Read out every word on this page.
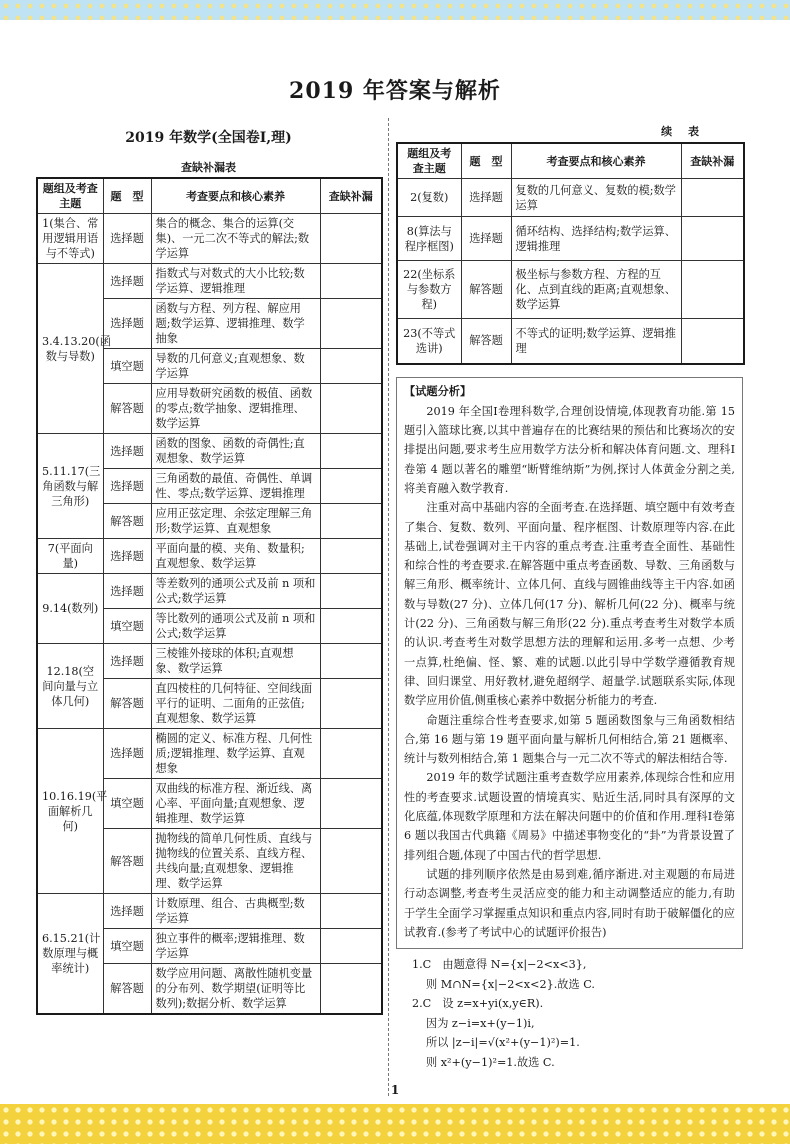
2019 年答案与解析
2019 年数学(全国卷Ⅰ,理)
查缺补漏表
题组及考查主题	题　型	考查要点和核心素养	查缺补漏
1(集合、常用逻辑用语与不等式)	选择题	集合的概念、集合的运算(交集)、一元二次不等式的解法;数学运算	
3.4.13.20(函数与导数)	选择题	指数式与对数式的大小比较;数学运算、逻辑推理	
	选择题	函数与方程、列方程、解应用题;数学运算、逻辑推理、数学抽象	
	填空题	导数的几何意义;直观想象、数学运算	
	解答题	应用导数研究函数的极值、函数的零点;数学抽象、逻辑推理、数学运算	
5.11.17(三角函数与解三角形)	选择题	函数的图象、函数的奇偶性;直观想象、数学运算	
	选择题	三角函数的最值、奇偶性、单调性、零点;数学运算、逻辑推理	
	解答题	应用正弦定理、余弦定理解三角形;数学运算、直观想象	
7(平面向量)	选择题	平面向量的模、夹角、数量积;直观想象、数学运算	
9.14(数列)	选择题	等差数列的通项公式及前 n 项和公式;数学运算	
	填空题	等比数列的通项公式及前 n 项和公式;数学运算	
12.18(空间向量与立体几何)	选择题	三棱锥外接球的体积;直观想象、数学运算	
	解答题	直四棱柱的几何特征、空间线面平行的证明、二面角的正弦值;直观想象、数学运算	
10.16.19(平面解析几何)	选择题	椭圆的定义、标准方程、几何性质;逻辑推理、数学运算、直观想象	
	填空题	双曲线的标准方程、渐近线、离心率、平面向量;直观想象、逻辑推理、数学运算	
	解答题	抛物线的简单几何性质、直线与抛物线的位置关系、直线方程、共线向量;直观想象、逻辑推理、数学运算	
6.15.21(计数原理与概率统计)	选择题	计数原理、组合、古典概型;数学运算	
	填空题	独立事件的概率;逻辑推理、数学运算	
	解答题	数学应用问题、离散性随机变量的分布列、数学期望(证明等比数列);数据分析、数学运算	
续 表
题组及考查主题	题　型	考查要点和核心素养	查缺补漏
2(复数)	选择题	复数的几何意义、复数的模;数学运算	
8(算法与程序框图)	选择题	循环结构、选择结构;数学运算、逻辑推理	
22(坐标系与参数方程)	解答题	极坐标与参数方程、方程的互化、点到直线的距离;直观想象、数学运算	
23(不等式选讲)	解答题	不等式的证明;数学运算、逻辑推理	
【试题分析】

2019 年全国Ⅰ卷理科数学,合理创设情境,体现教育功能.第 15 题引入篮球比赛,以其中普遍存在的比赛结果的预估和比赛场次的安排提出问题,要求考生应用数学方法分析和解决体育问题.文、理科Ⅰ卷第 4 题以著名的雕塑“断臂维纳斯”为例,探讨人体黄金分割之美,将美育融入数学教育.

注重对高中基础内容的全面考查.在选择题、填空题中有效考查了集合、复数、数列、平面向量、程序框图、计数原理等内容.在此基础上,试卷强调对主干内容的重点考查.注重考查全面性、基础性和综合性的考查要求.在解答题中重点考查函数、导数、三角函数与解三角形、概率统计、立体几何、直线与圆锥曲线等主干内容.如函数与导数(27 分)、立体几何(17 分)、解析几何(22 分)、概率与统计(22 分)、三角函数与解三角形(22 分).重点考查考生对数学本质的认识.考查考生对数学思想方法的理解和运用.多考一点想、少考一点算,杜绝偏、怪、繁、难的试题.以此引导中学数学遵循教育规律、回归课堂、用好教材,避免超纲学、超量学.试题联系实际,体现数学应用价值,侧重核心素养中数据分析能力的考查.

命题注重综合性考查要求,如第 5 题函数图象与三角函数相结合,第 16 题与第 19 题平面向量与解析几何相结合,第 21 题概率、统计与数列相结合,第 1 题集合与一元二次不等式的解法相结合等.

2019 年的数学试题注重考查数学应用素养,体现综合性和应用性的考查要求.试题设置的情境真实、贴近生活,同时具有深厚的文化底蕴,体现数学原理和方法在解决问题中的价值和作用.理科Ⅰ卷第 6 题以我国古代典籍《周易》中描述事物变化的“卦”为背景设置了排列组合题,体现了中国古代的哲学思想.

试题的排列顺序依然是由易到难,循序渐进.对主观题的布局进行动态调整,考查考生灵活应变的能力和主动调整适应的能力,有助于学生全面学习掌握重点知识和重点内容,同时有助于破解僵化的应试教育.(参考了考试中心的试题评价报告)

1.C　由题意得 N={x|−2<x<3},
则 M∩N={x|−2<x<2}.故选 C.
2.C　设 z=x+yi(x,y∈R).
因为 z−i=x+(y−1)i,
所以 |z−i|=√(x²+(y−1)²)=1.
则 x²+(y−1)²=1.故选 C.
1
